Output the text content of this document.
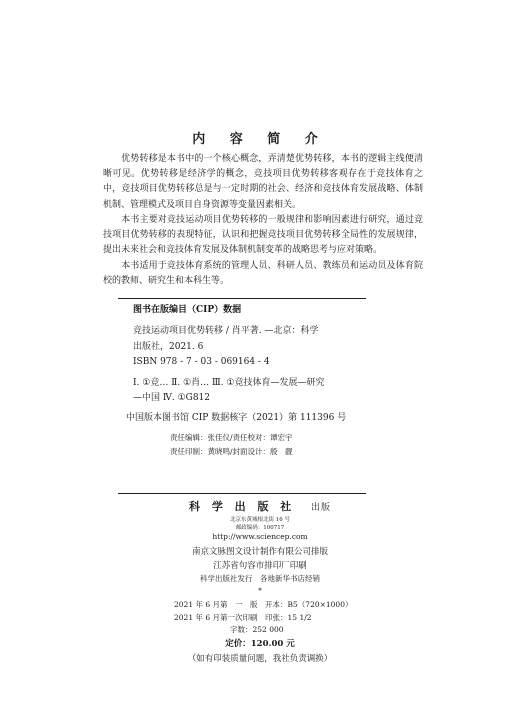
内 容 简 介
优势转移是本书中的一个核心概念，弄清楚优势转移，本书的逻辑主线便清晰可见。优势转移是经济学的概念，竞技项目优势转移客观存在于竞技体育之中，竞技项目优势转移总是与一定时期的社会、经济和竞技体育发展战略、体制机制、管理模式及项目自身资源等变量因素相关。
本书主要对竞技运动项目优势转移的一般规律和影响因素进行研究，通过竞技项目优势转移的表现特征，认识和把握竞技项目优势转移全局性的发展规律，提出未来社会和竞技体育发展及体制机制变革的战略思考与应对策略。
本书适用于竞技体育系统的管理人员、科研人员、教练员和运动员及体育院校的教师、研究生和本科生等。
图书在版编目（CIP）数据
竞技运动项目优势转移 / 肖平著. —北京：科学
出版社，2021. 6
ISBN 978 - 7 - 03 - 069164 - 4
Ⅰ. ①竞… Ⅱ. ①肖… Ⅲ. ①竞技体育—发展—研究
—中国 Ⅳ. ①G812
中国版本图书馆 CIP 数据核字（2021）第 111396 号
责任编辑：张佳仪/责任校对：谭宏宇
责任印制：黄晓鸣/封面设计：殷　靓
科 学 出 版 社 出版
北京东黄城根北街 16 号
邮政编码：100717
http://www.sciencep.com
南京文脉图文设计制作有限公司排版
江苏省句容市排印厂印刷
科学出版社发行　各地新华书店经销
*
2021 年 6 月第　一　版　开本：B5（720×1000）
2021 年 6 月第一次印刷　印张：15 1/2
字数：252 000
定价：120.00 元
（如有印装质量问题，我社负责调换）
